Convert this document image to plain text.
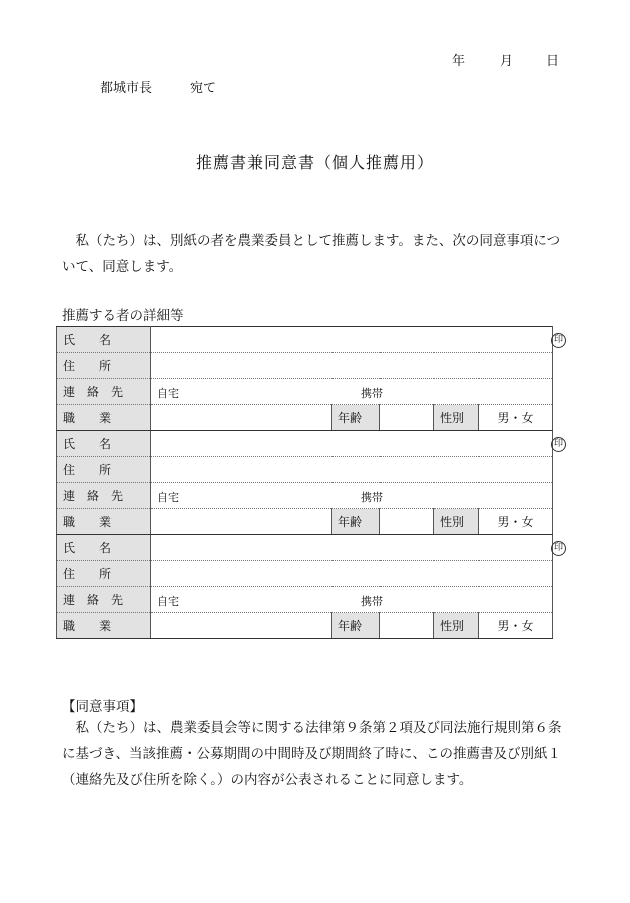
年	月	日
都城市長	宛て
推薦書兼同意書（個人推薦用）
私（たち）は、別紙の者を農業委員として推薦します。また、次の同意事項について、同意します。
推薦する者の詳細等
氏　　名	印				

住　　所					
連　絡　先	自宅 携帯				

職　　業		年齢		性別	男・女
氏　　名	印				

住　　所					
連　絡　先	自宅 携帯				

職　　業		年齢		性別	男・女
氏　　名	印				

住　　所					
連　絡　先	自宅 携帯				

職　　業		年齢		性別	男・女
【同意事項】
私（たち）は、農業委員会等に関する法律第９条第２項及び同法施行規則第６条に基づき、当該推薦・公募期間の中間時及び期間終了時に、この推薦書及び別紙１（連絡先及び住所を除く。）の内容が公表されることに同意します。
